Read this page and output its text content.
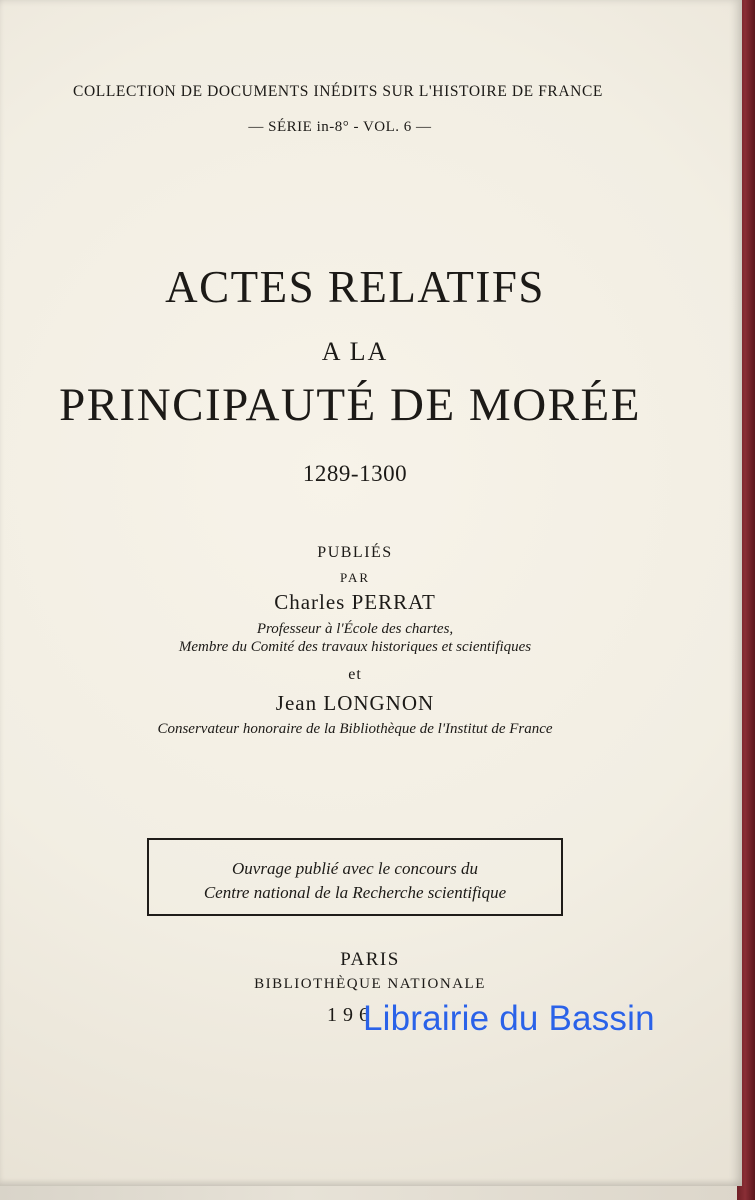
COLLECTION DE DOCUMENTS INÉDITS SUR L'HISTOIRE DE FRANCE
— SÉRIE in-8° - VOL. 6 —
ACTES RELATIFS
A LA
PRINCIPAUTÉ DE MORÉE
1289-1300
PUBLIÉS
PAR
Charles PERRAT
Professeur à l'École des chartes,
Membre du Comité des travaux historiques et scientifiques
et
Jean LONGNON
Conservateur honoraire de la Bibliothèque de l'Institut de France
Ouvrage publié avec le concours du
Centre national de la Recherche scientifique
PARIS
BIBLIOTHÈQUE NATIONALE
196
Librairie du Bassin
